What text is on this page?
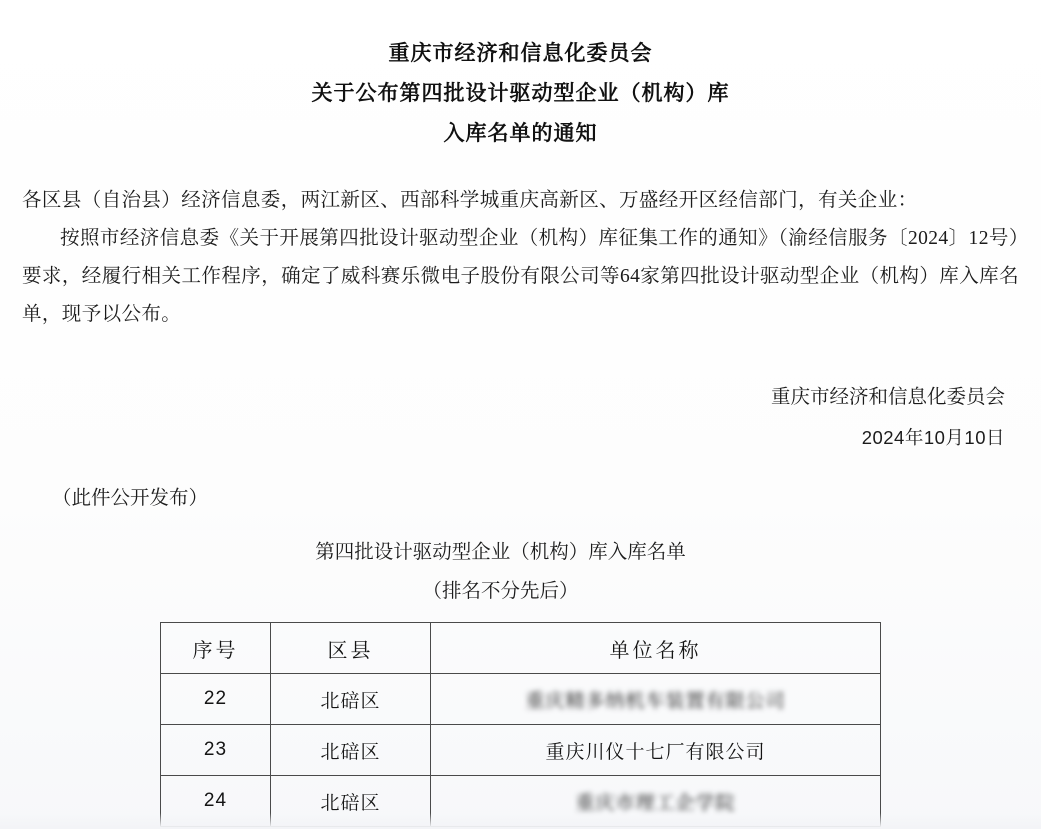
重庆市经济和信息化委员会
关于公布第四批设计驱动型企业（机构）库
入库名单的通知

各区县（自治县）经济信息委，两江新区、西部科学城重庆高新区、万盛经开区经信部门，有关企业：

按照市经济信息委《关于开展第四批设计驱动型企业（机构）库征集工作的通知》（渝经信服务〔2024〕12号）要求，经履行相关工作程序，确定了威科赛乐微电子股份有限公司等64家第四批设计驱动型企业（机构）库入库名单，现予以公布。

重庆市经济和信息化委员会
2024年10月10日
（此件公开发布）
第四批设计驱动型企业（机构）库入库名单
（排名不分先后）
序号	区县	单位名称
22	北碚区	重庆精多纳机车装置有限公司
23	北碚区	重庆川仪十七厂有限公司
24	北碚区	重庆市理工企学院
